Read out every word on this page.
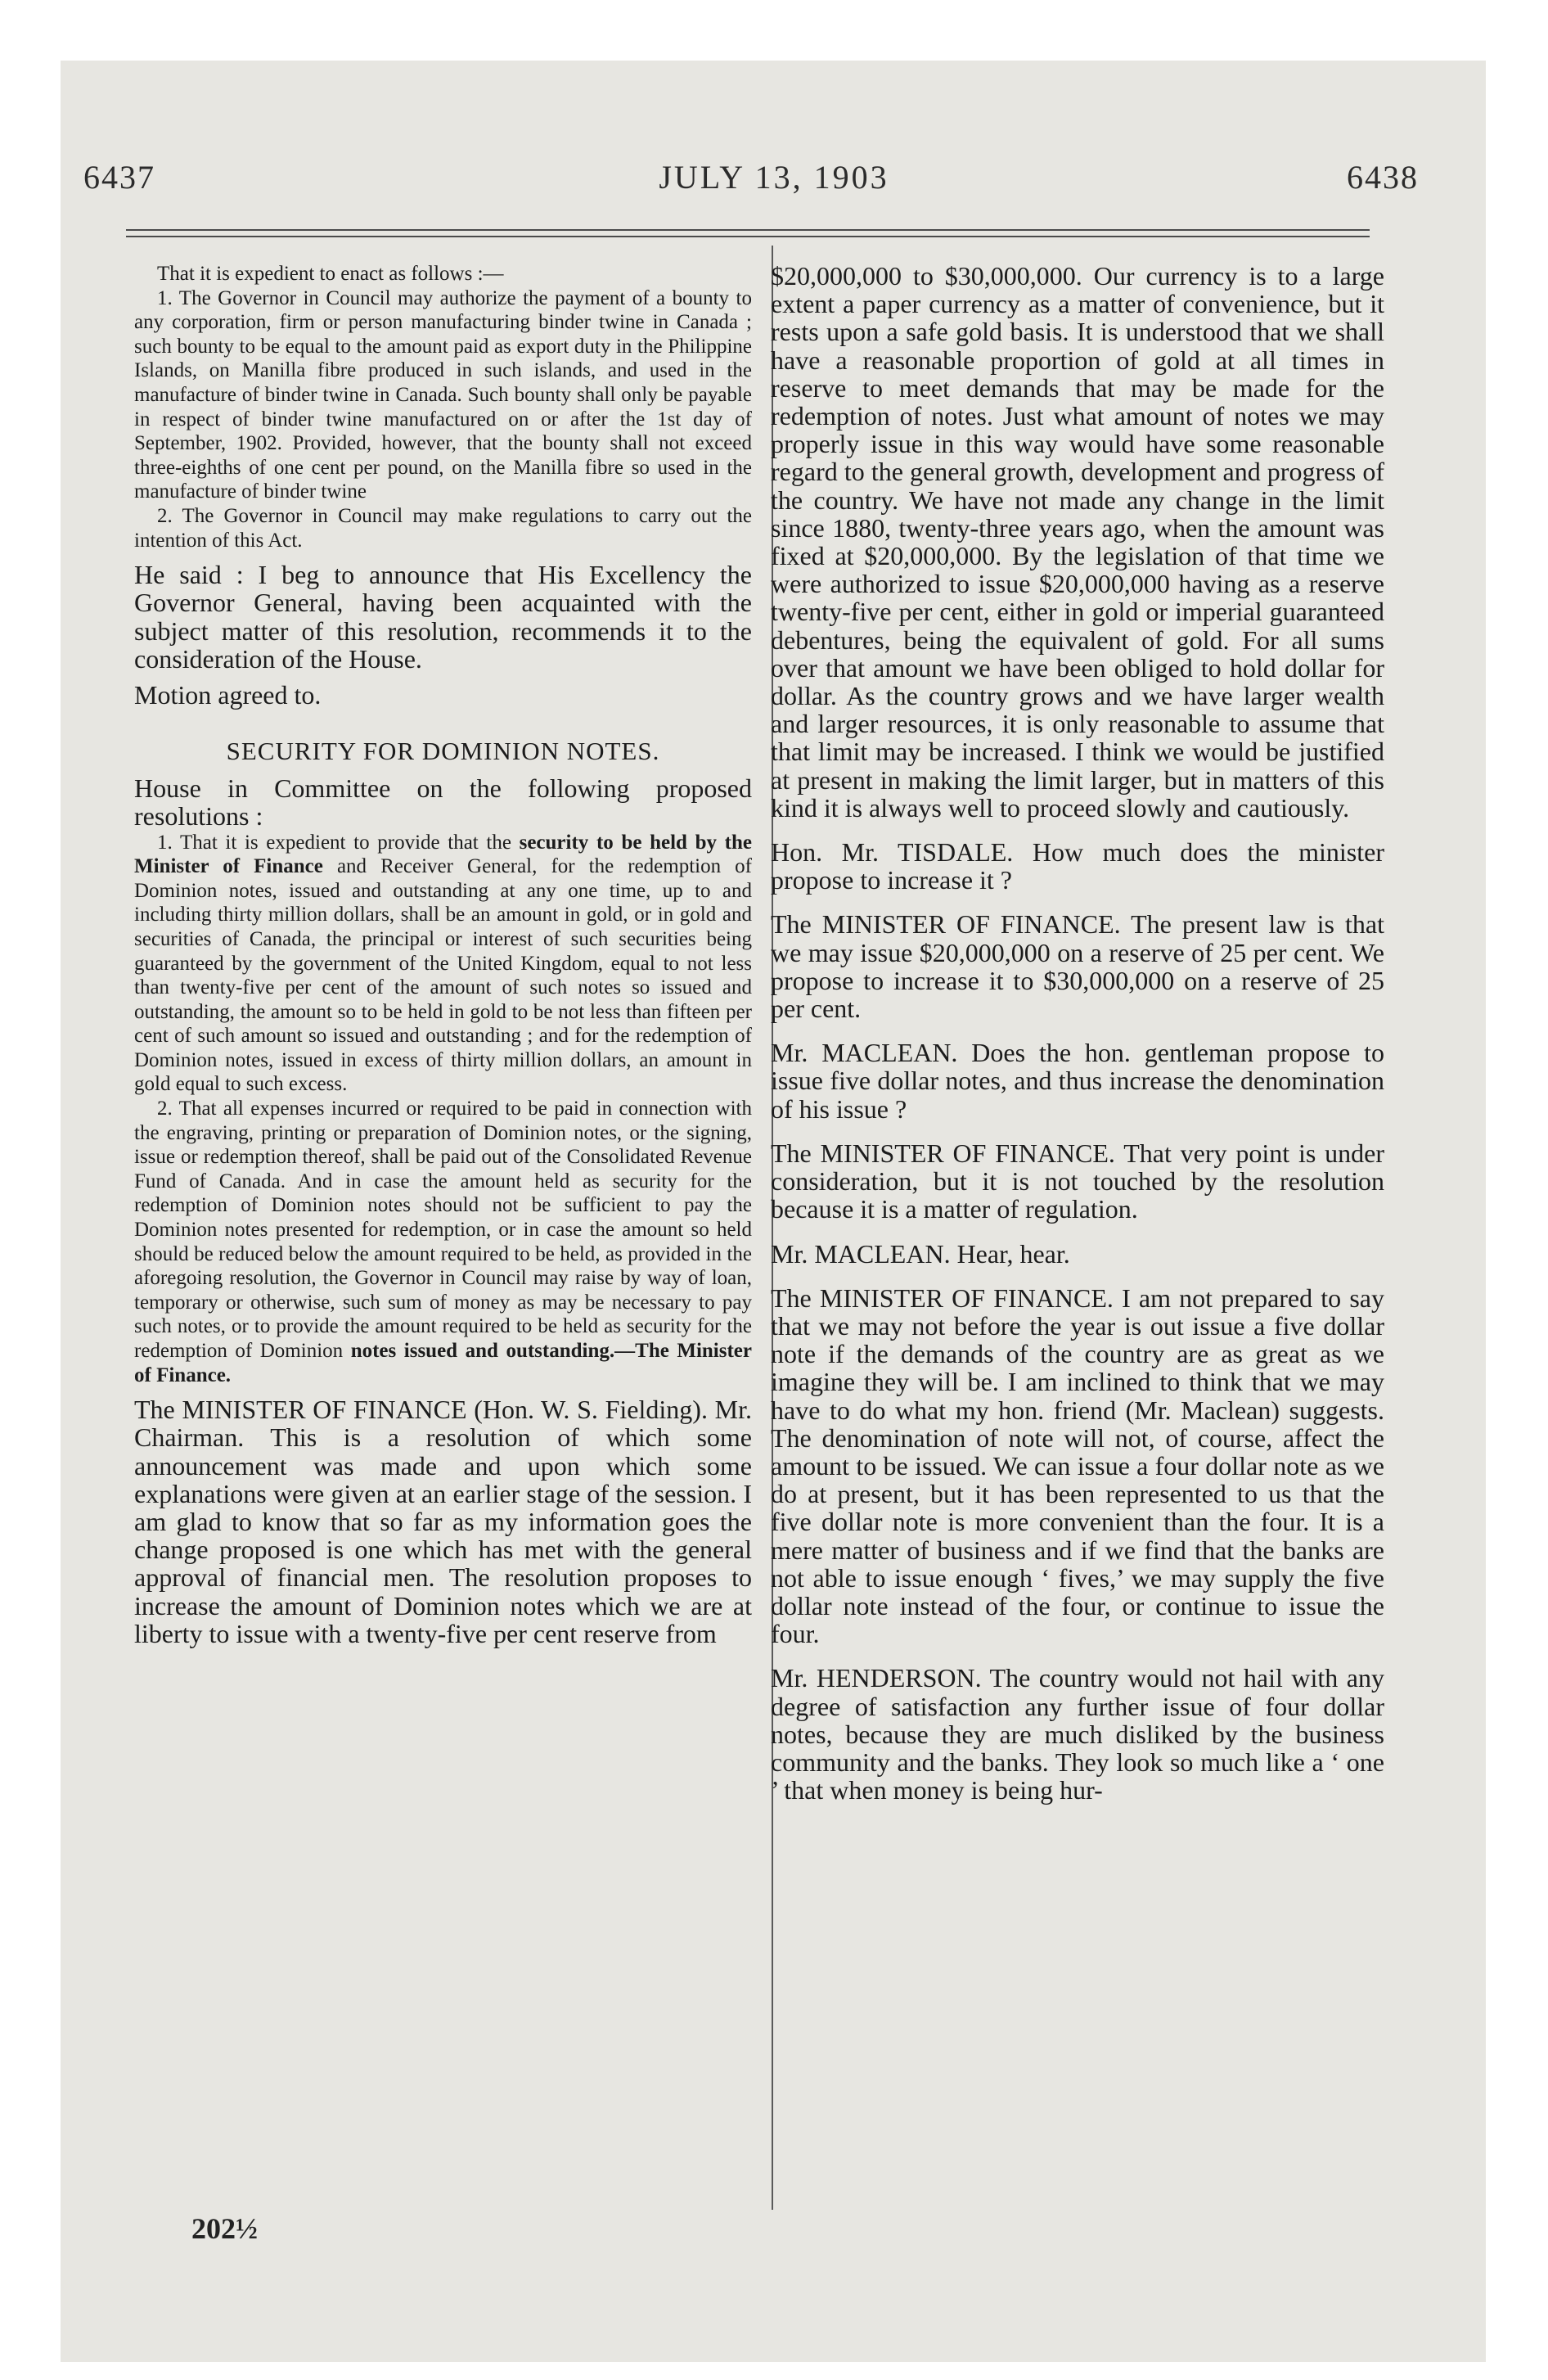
6437	JULY 13, 1903	6438

That it is expedient to enact as follows :—

1. The Governor in Council may authorize the payment of a bounty to any corporation, firm or person manufacturing binder twine in Canada ; such bounty to be equal to the amount paid as export duty in the Philippine Islands, on Manilla fibre produced in such islands, and used in the manufacture of binder twine in Canada. Such bounty shall only be payable in respect of binder twine manufactured on or after the 1st day of September, 1902. Provided, however, that the bounty shall not exceed three-eighths of one cent per pound, on the Manilla fibre so used in the manufacture of binder twine

2. The Governor in Council may make regulations to carry out the intention of this Act.

He said : I beg to announce that His Excellency the Governor General, having been acquainted with the subject matter of this resolution, recommends it to the consideration of the House.

Motion agreed to.

SECURITY FOR DOMINION NOTES.

House in Committee on the following proposed resolutions :

1. That it is expedient to provide that the security to be held by the Minister of Finance and Receiver General, for the redemption of Dominion notes, issued and outstanding at any one time, up to and including thirty million dollars, shall be an amount in gold, or in gold and securities of Canada, the principal or interest of such securities being guaranteed by the government of the United Kingdom, equal to not less than twenty-five per cent of the amount of such notes so issued and outstanding, the amount so to be held in gold to be not less than fifteen per cent of such amount so issued and outstanding ; and for the redemption of Dominion notes, issued in excess of thirty million dollars, an amount in gold equal to such excess.

2. That all expenses incurred or required to be paid in connection with the engraving, printing or preparation of Dominion notes, or the signing, issue or redemption thereof, shall be paid out of the Consolidated Revenue Fund of Canada. And in case the amount held as security for the redemption of Dominion notes should not be sufficient to pay the Dominion notes presented for redemption, or in case the amount so held should be reduced below the amount required to be held, as provided in the aforegoing resolution, the Governor in Council may raise by way of loan, temporary or otherwise, such sum of money as may be necessary to pay such notes, or to provide the amount required to be held as security for the redemption of Dominion notes issued and outstanding.—The Minister of Finance.

The MINISTER OF FINANCE (Hon. W. S. Fielding). Mr. Chairman. This is a resolution of which some announcement was made and upon which some explanations were given at an earlier stage of the session. I am glad to know that so far as my information goes the change proposed is one which has met with the general approval of financial men. The resolution proposes to increase the amount of Dominion notes which we are at liberty to issue with a twenty-five per cent reserve from

202½

$20,000,000 to $30,000,000. Our currency is to a large extent a paper currency as a matter of convenience, but it rests upon a safe gold basis. It is understood that we shall have a reasonable proportion of gold at all times in reserve to meet demands that may be made for the redemption of notes. Just what amount of notes we may properly issue in this way would have some reasonable regard to the general growth, development and progress of the country. We have not made any change in the limit since 1880, twenty-three years ago, when the amount was fixed at $20,000,000. By the legislation of that time we were authorized to issue $20,000,000 having as a reserve twenty-five per cent, either in gold or imperial guaranteed debentures, being the equivalent of gold. For all sums over that amount we have been obliged to hold dollar for dollar. As the country grows and we have larger wealth and larger resources, it is only reasonable to assume that that limit may be increased. I think we would be justified at present in making the limit larger, but in matters of this kind it is always well to proceed slowly and cautiously.

Hon. Mr. TISDALE. How much does the minister propose to increase it ?

The MINISTER OF FINANCE. The present law is that we may issue $20,000,000 on a reserve of 25 per cent. We propose to increase it to $30,000,000 on a reserve of 25 per cent.

Mr. MACLEAN. Does the hon. gentleman propose to issue five dollar notes, and thus increase the denomination of his issue ?

The MINISTER OF FINANCE. That very point is under consideration, but it is not touched by the resolution because it is a matter of regulation.

Mr. MACLEAN. Hear, hear.

The MINISTER OF FINANCE. I am not prepared to say that we may not before the year is out issue a five dollar note if the demands of the country are as great as we imagine they will be. I am inclined to think that we may have to do what my hon. friend (Mr. Maclean) suggests. The denomination of note will not, of course, affect the amount to be issued. We can issue a four dollar note as we do at present, but it has been represented to us that the five dollar note is more convenient than the four. It is a mere matter of business and if we find that the banks are not able to issue enough ‘ fives,’ we may supply the five dollar note instead of the four, or continue to issue the four.

Mr. HENDERSON. The country would not hail with any degree of satisfaction any further issue of four dollar notes, because they are much disliked by the business community and the banks. They look so much like a ‘ one ’ that when money is being hur-
